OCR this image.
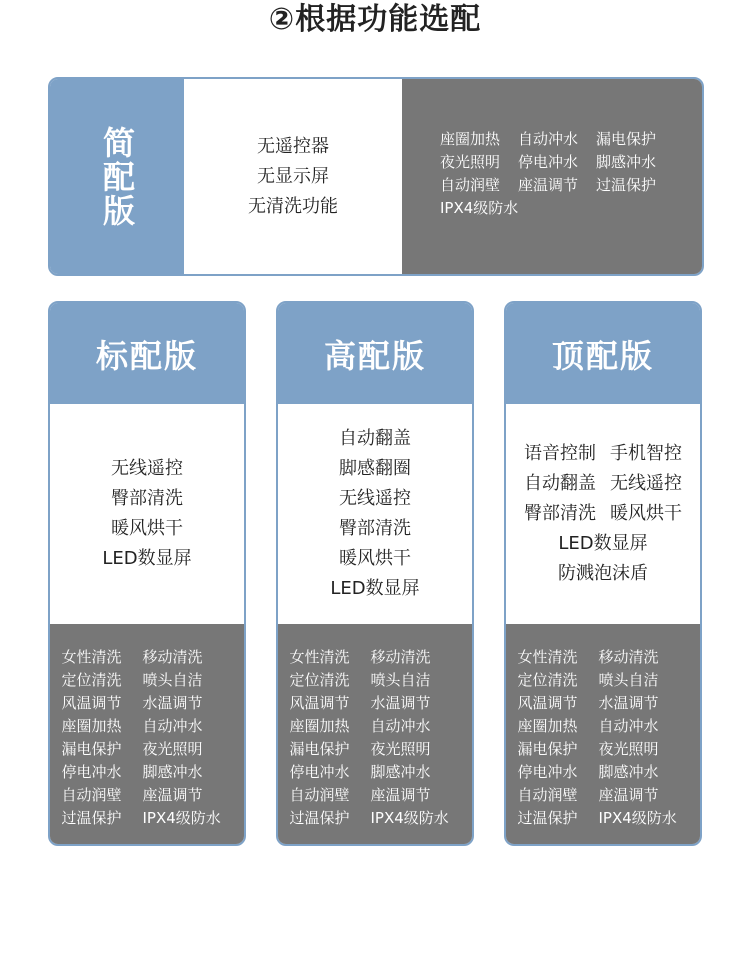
②根据功能选配
简配版	无遥控器
无显示屏
无清洗功能
座圈加热	自动冲水	漏电保护
夜光照明	停电冲水	脚感冲水
自动润壁	座温调节	过温保护
IPX4级防水
标配版
无线遥控
臀部清洗
暖风烘干
LED数显屏
女性清洗	移动清洗
定位清洗	喷头自洁
风温调节	水温调节
座圈加热	自动冲水
漏电保护	夜光照明
停电冲水	脚感冲水
自动润壁	座温调节
过温保护	IPX4级防水
高配版
自动翻盖
脚感翻圈
无线遥控
臀部清洗
暖风烘干
LED数显屏
女性清洗	移动清洗
定位清洗	喷头自洁
风温调节	水温调节
座圈加热	自动冲水
漏电保护	夜光照明
停电冲水	脚感冲水
自动润壁	座温调节
过温保护	IPX4级防水
顶配版
语音控制 手机智控
自动翻盖 无线遥控
臀部清洗 暖风烘干
LED数显屏
防溅泡沫盾
女性清洗	移动清洗
定位清洗	喷头自洁
风温调节	水温调节
座圈加热	自动冲水
漏电保护	夜光照明
停电冲水	脚感冲水
自动润壁	座温调节
过温保护	IPX4级防水
